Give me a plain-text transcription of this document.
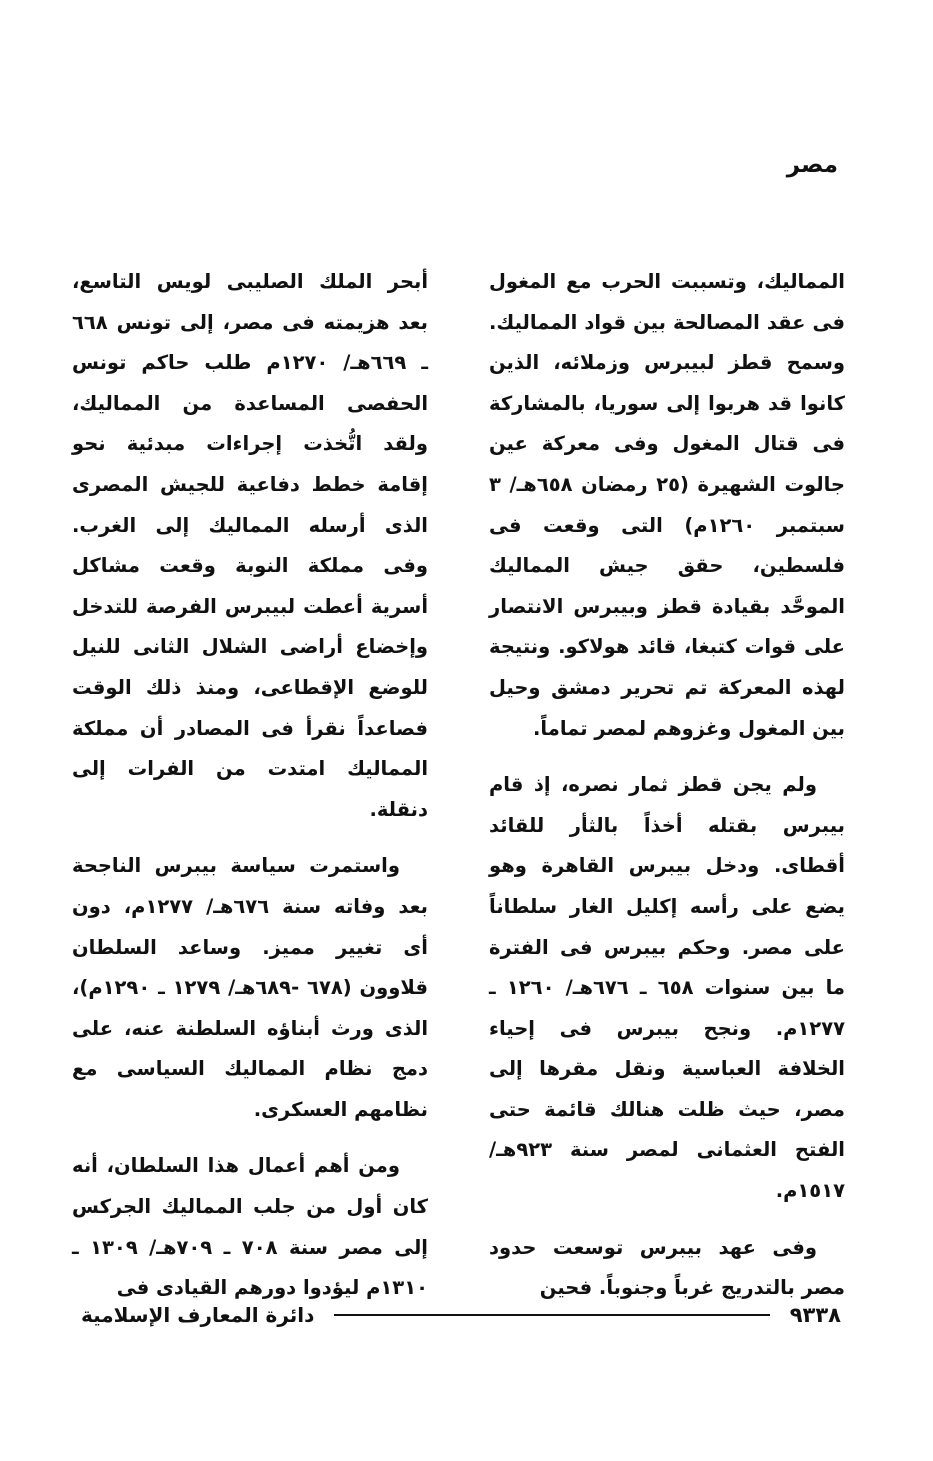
مصر

المماليك، وتسببت الحرب مع المغول فى عقد المصالحة بين قواد المماليك. وسمح قطز لبيبرس وزملائه، الذين كانوا قد هربوا إلى سوريا، بالمشاركة فى قتال المغول وفى معركة عين جالوت الشهيرة (٢٥ رمضان ٦٥٨هـ/ ٣ سبتمبر ١٢٦٠م) التى وقعت فى فلسطين، حقق جيش المماليك الموحَّد بقيادة قطز وبيبرس الانتصار على قوات كتبغا، قائد هولاكو. ونتيجة لهذه المعركة تم تحرير دمشق وحيل بين المغول وغزوهم لمصر تماماً.

ولم يجن قطز ثمار نصره، إذ قام بيبرس بقتله أخذاً بالثأر للقائد أقطاى. ودخل بيبرس القاهرة وهو يضع على رأسه إكليل الغار سلطاناً على مصر. وحكم بيبرس فى الفترة ما بين سنوات ٦٥٨ ـ ٦٧٦هـ/ ١٢٦٠ ـ ١٢٧٧م. ونجح بيبرس فى إحياء الخلافة العباسية ونقل مقرها إلى مصر، حيث ظلت هنالك قائمة حتى الفتح العثمانى لمصر سنة ٩٢٣هـ/١٥١٧م.

وفى عهد بيبرس توسعت حدود مصر بالتدريج غرباً وجنوباً. فحين

أبحر الملك الصليبى لويس التاسع، بعد هزيمته فى مصر، إلى تونس ٦٦٨ ـ ٦٦٩هـ/ ١٢٧٠م طلب حاكم تونس الحفصى المساعدة من المماليك، ولقد اتُّخذت إجراءات مبدئية نحو إقامة خطط دفاعية للجيش المصرى الذى أرسله المماليك إلى الغرب. وفى مملكة النوبة وقعت مشاكل أسرية أعطت لبيبرس الفرصة للتدخل وإخضاع أراضى الشلال الثانى للنيل للوضع الإقطاعى، ومنذ ذلك الوقت فصاعداً نقرأ فى المصادر أن مملكة المماليك امتدت من الفرات إلى دنقلة.

واستمرت سياسة بيبرس الناجحة بعد وفاته سنة ٦٧٦هـ/ ١٢٧٧م، دون أى تغيير مميز. وساعد السلطان قلاوون (٦٧٨ -٦٨٩هـ/ ١٢٧٩ ـ ١٢٩٠م)، الذى ورث أبناؤه السلطنة عنه، على دمج نظام المماليك السياسى مع نظامهم العسكرى.

ومن أهم أعمال هذا السلطان، أنه كان أول من جلب المماليك الجركس إلى مصر سنة ٧٠٨ ـ ٧٠٩هـ/ ١٣٠٩ ـ ١٣١٠م ليؤدوا دورهم القيادى فى

٩٣٣٨
دائرة المعارف الإسلامية
